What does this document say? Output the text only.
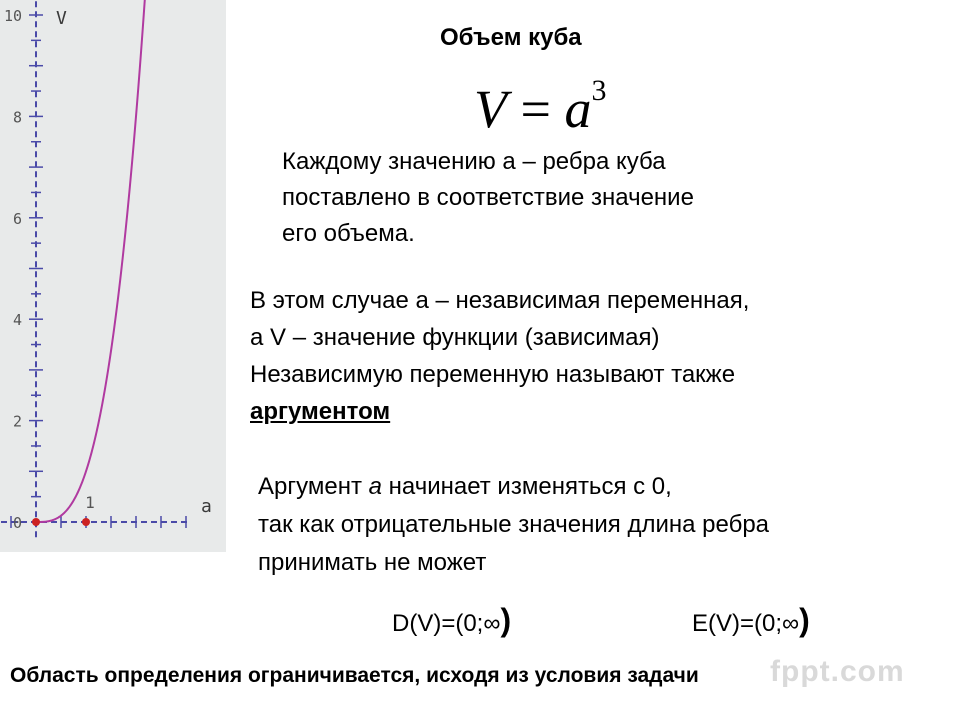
0
2
4
6
8
10
1
V
a
Объем куба
$V = a^3$
Каждому значению а – ребра куба
поставлено в соответствие значение
его объема.
В этом случае а – независимая переменная,
а V – значение функции (зависимая)
Независимую переменную называют также
аргументом
Аргумент а начинает изменяться с 0,
так как отрицательные значения длина ребра
принимать не может
D(V)=(0;∞)	E(V)=(0;∞)
fppt.com
Область определения ограничивается, исходя из условия задачи
